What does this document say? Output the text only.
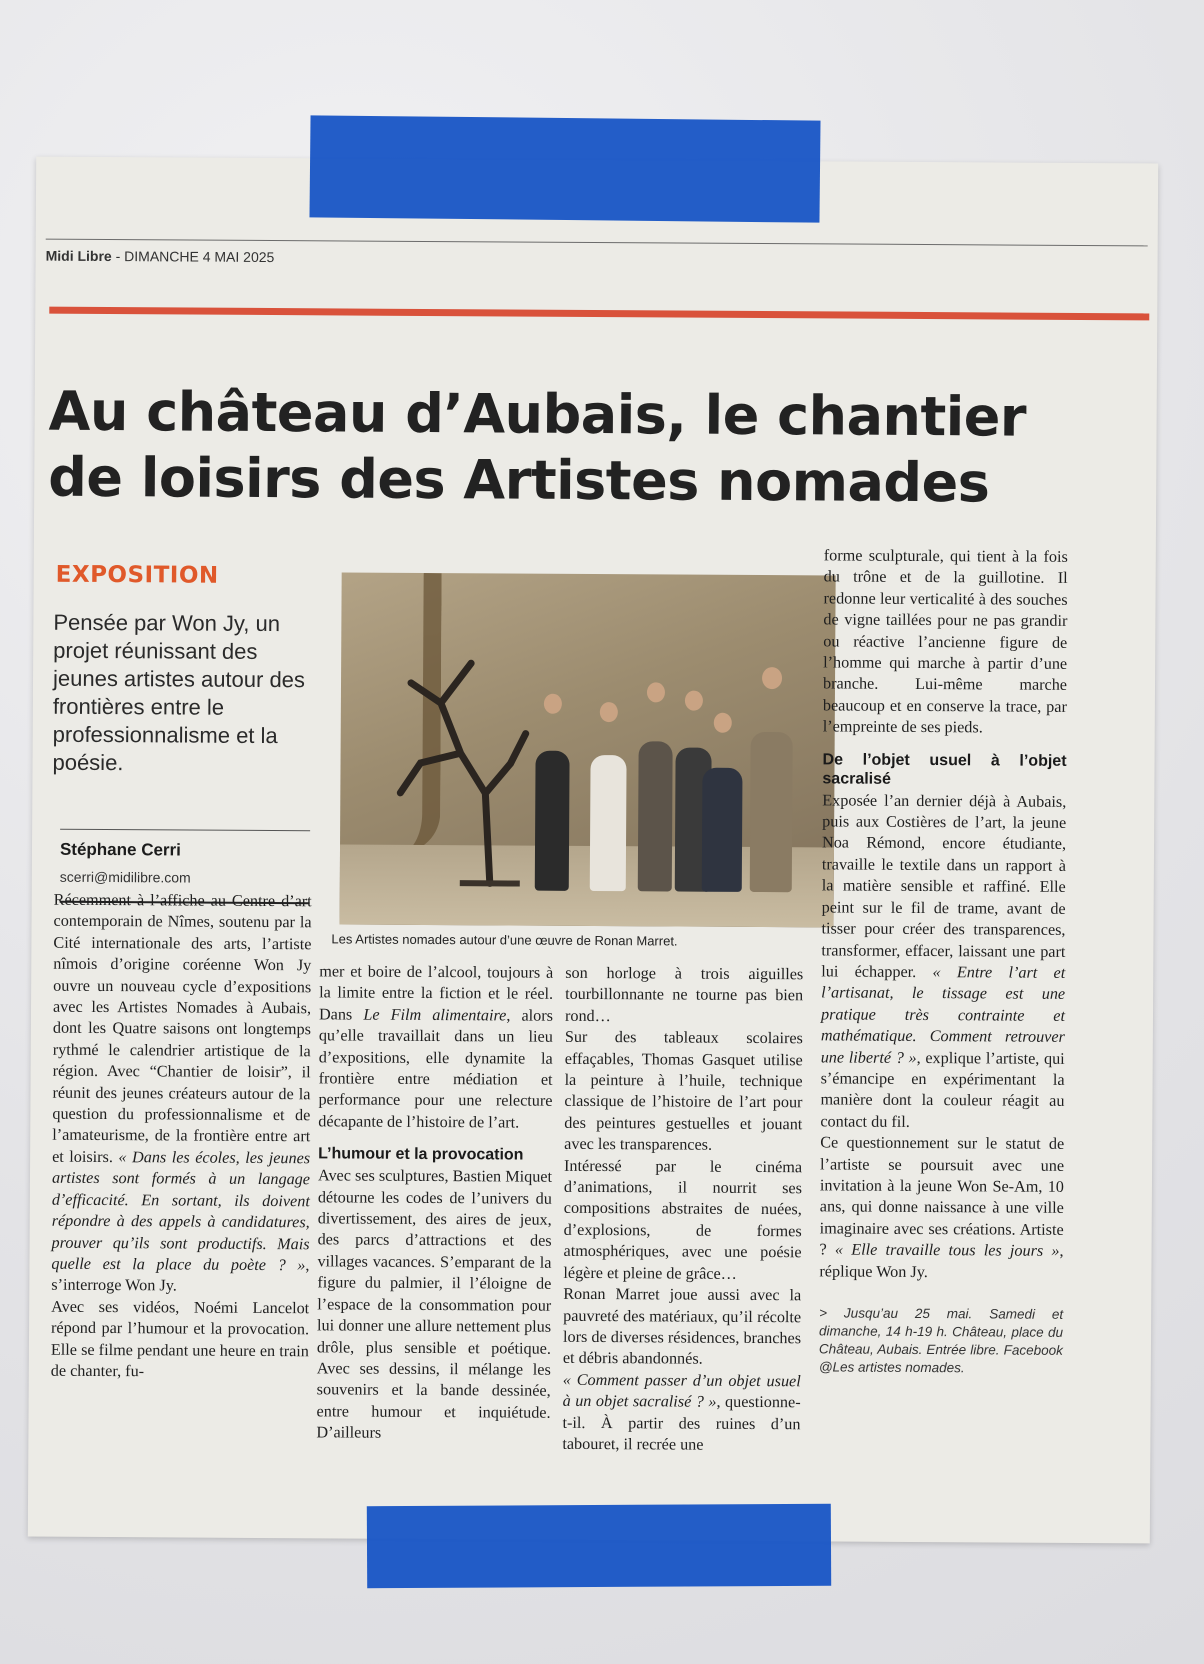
Midi Libre - DIMANCHE 4 MAI 2025
Au château d’Aubais, le chantier
de loisirs des Artistes nomades
EXPOSITION
Pensée par Won Jy, un projet réunissant des jeunes artistes autour des frontières entre le professionnalisme et la poésie.
Stéphane Cerri
scerri@midilibre.com
Les Artistes nomades autour d’une œuvre de Ronan Marret.

Récemment à l’affiche au Centre d’art contemporain de Nîmes, soutenu par la Cité internationale des arts, l’artiste nîmois d’origine coréenne Won Jy ouvre un nouveau cycle d’expositions avec les Artistes Nomades à Aubais, dont les Quatre saisons ont longtemps rythmé le calendrier artistique de la région. Avec “Chantier de loisir”, il réunit des jeunes créateurs autour de la question du professionnalisme et de l’amateurisme, de la frontière entre art et loisirs. « Dans les écoles, les jeunes artistes sont formés à un langage d’efficacité. En sortant, ils doivent répondre à des appels à candidatures, prouver qu’ils sont productifs. Mais quelle est la place du poète ? », s’interroge Won Jy.

Avec ses vidéos, Noémi Lancelot répond par l’humour et la provocation. Elle se filme pendant une heure en train de chanter, fu-

mer et boire de l’alcool, toujours à la limite entre la fiction et le réel. Dans Le Film alimentaire, alors qu’elle travaillait dans un lieu d’expositions, elle dynamite la frontière entre médiation et performance pour une relecture décapante de l’histoire de l’art.

L’humour et la provocation

Avec ses sculptures, Bastien Miquet détourne les codes de l’univers du divertissement, des aires de jeux, des parcs d’attractions et des villages vacances. S’emparant de la figure du palmier, il l’éloigne de l’espace de la consommation pour lui donner une allure nettement plus drôle, plus sensible et poétique. Avec ses dessins, il mélange les souvenirs et la bande dessinée, entre humour et inquiétude. D’ailleurs

son horloge à trois aiguilles tourbillonnante ne tourne pas bien rond…

Sur des tableaux scolaires effaçables, Thomas Gasquet utilise la peinture à l’huile, technique classique de l’histoire de l’art pour des peintures gestuelles et jouant avec les transparences.

Intéressé par le cinéma d’animations, il nourrit ses compositions abstraites de nuées, d’explosions, de formes atmosphériques, avec une poésie légère et pleine de grâce…

Ronan Marret joue aussi avec la pauvreté des matériaux, qu’il récolte lors de diverses résidences, branches et débris abandonnés.

« Comment passer d’un objet usuel à un objet sacralisé ? », questionne-t-il. À partir des ruines d’un tabouret, il recrée une

forme sculpturale, qui tient à la fois du trône et de la guillotine. Il redonne leur verticalité à des souches de vigne taillées pour ne pas grandir ou réactive l’ancienne figure de l’homme qui marche à partir d’une branche. Lui-même marche beaucoup et en conserve la trace, par l’empreinte de ses pieds.

De l’objet usuel à l’objet sacralisé

Exposée l’an dernier déjà à Aubais, puis aux Costières de l’art, la jeune Noa Rémond, encore étudiante, travaille le textile dans un rapport à la matière sensible et raffiné. Elle peint sur le fil de trame, avant de tisser pour créer des transparences, transformer, effacer, laissant une part lui échapper. « Entre l’art et l’artisanat, le tissage est une pratique très contrainte et mathématique. Comment retrouver une liberté ? », explique l’artiste, qui s’émancipe en expérimentant la manière dont la couleur réagit au contact du fil.

Ce questionnement sur le statut de l’artiste se poursuit avec une invitation à la jeune Won Se-Am, 10 ans, qui donne naissance à une ville imaginaire avec ses créations. Artiste ? « Elle travaille tous les jours », réplique Won Jy.

> Jusqu’au 25 mai. Samedi et dimanche, 14 h-19 h. Château, place du Château, Aubais. Entrée libre. Facebook @Les artistes nomades.
